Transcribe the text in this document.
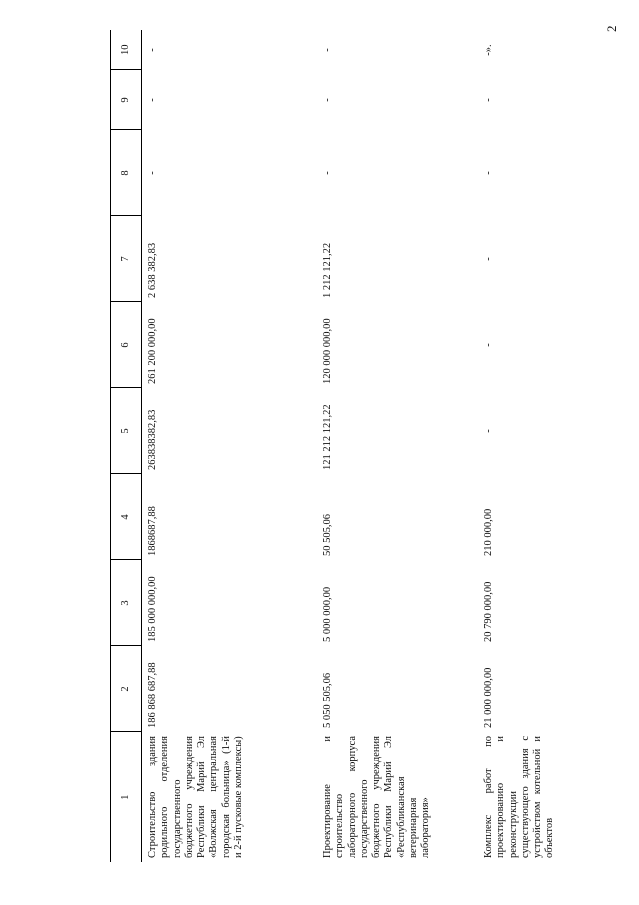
2
1	2	3	4	5	6	7	8	9	10
Строительство здания родильного отделения государственного бюджетного учреждения Республики Марий Эл «Волжская центральная городская больница» (1-й и 2-й пусковые комплексы)	186 868 687,88	185 000 000,00	1868687,88	263838382,83	261 200 000,00	2 638 382,83	-	-	-
Проектирование и строительство лабораторного корпуса государственного бюджетного учреждения Республики Марий Эл «Республиканская ветеринарная лаборатория»	5 050 505,06	5 000 000,00	50 505,06	121 212 121,22	120 000 000,00	1 212 121,22	-	-	-
Комплекс работ по проектированию и реконструкции существующего здания с устройством котельной и объектов	21 000 000,00	20 790 000,00	210 000,00	-	-	-	-	-	-».
